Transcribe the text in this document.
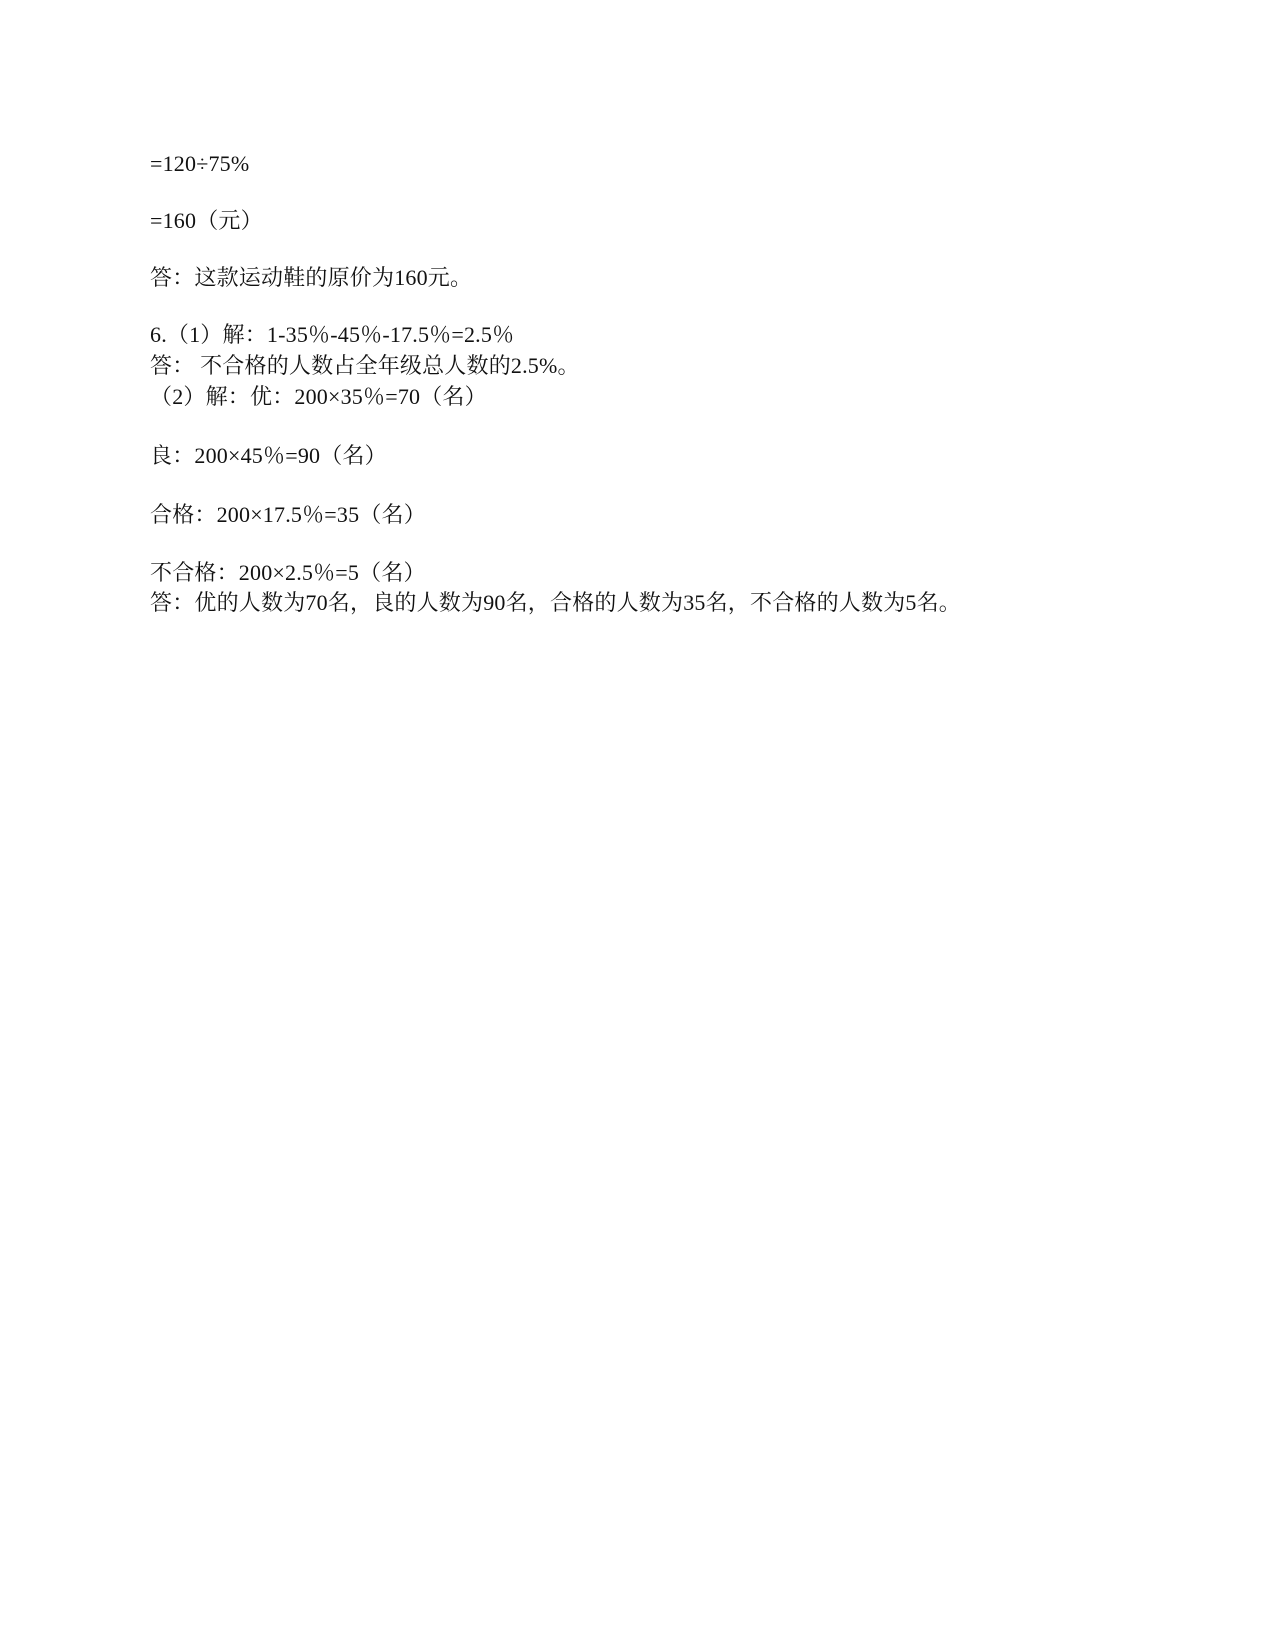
=120÷75%
=160（元）
答：这款运动鞋的原价为160元。
6.（1）解：1-35％-45％-17.5％=2.5％
答： 不合格的人数占全年级总人数的2.5%。
（2）解：优：200×35％=70（名）
良：200×45％=90（名）
合格：200×17.5％=35（名）
不合格：200×2.5％=5（名）
答：优的人数为70名，良的人数为90名，合格的人数为35名，不合格的人数为5名。
